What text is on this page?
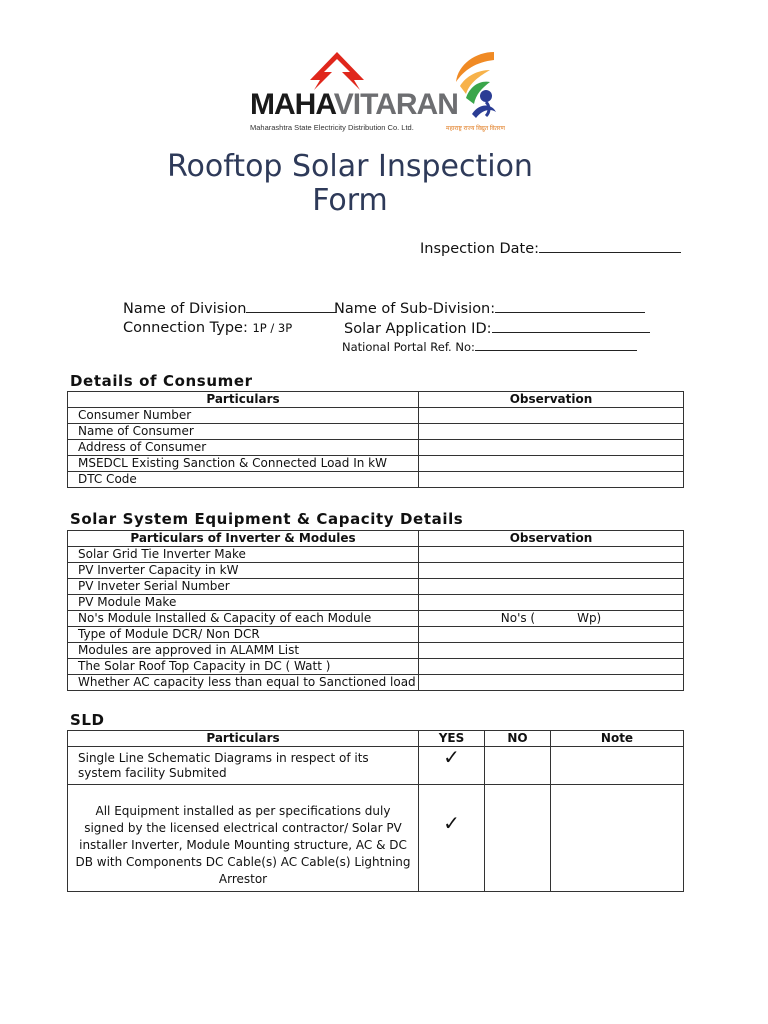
MAHAVITARAN
Maharashtra State Electricity Distribution Co. Ltd.	महाराष्ट्र राज्य विद्युत वितरण
Rooftop Solar Inspection Form
Inspection Date:
Name of Division	Name of Sub-Division:
Connection Type: 1P / 3P	Solar Application ID:
National Portal Ref. No:
Details of Consumer
Particulars	Observation
Consumer Number	
Name of Consumer	
Address of Consumer	
MSEDCL Existing Sanction & Connected Load In kW	
DTC Code	
Solar System Equipment & Capacity Details
Particulars of Inverter & Modules	Observation
Solar Grid Tie Inverter Make	
PV Inverter Capacity in kW	
PV Inveter Serial Number	
PV Module Make	
No's Module Installed & Capacity of each Module	No's (           Wp)
Type of Module DCR/ Non DCR	
Modules are approved in ALAMM List	
The Solar Roof Top Capacity in DC ( Watt )	
Whether AC capacity less than equal to Sanctioned load	
SLD
Particulars	YES	NO	Note
Single Line Schematic Diagrams in respect of its system facility Submited	✓		
All Equipment installed as per specifications duly signed by the licensed electrical contractor/ Solar PV installer Inverter, Module Mounting structure, AC & DC DB with Components DC Cable(s) AC Cable(s) Lightning Arrestor	✓		
